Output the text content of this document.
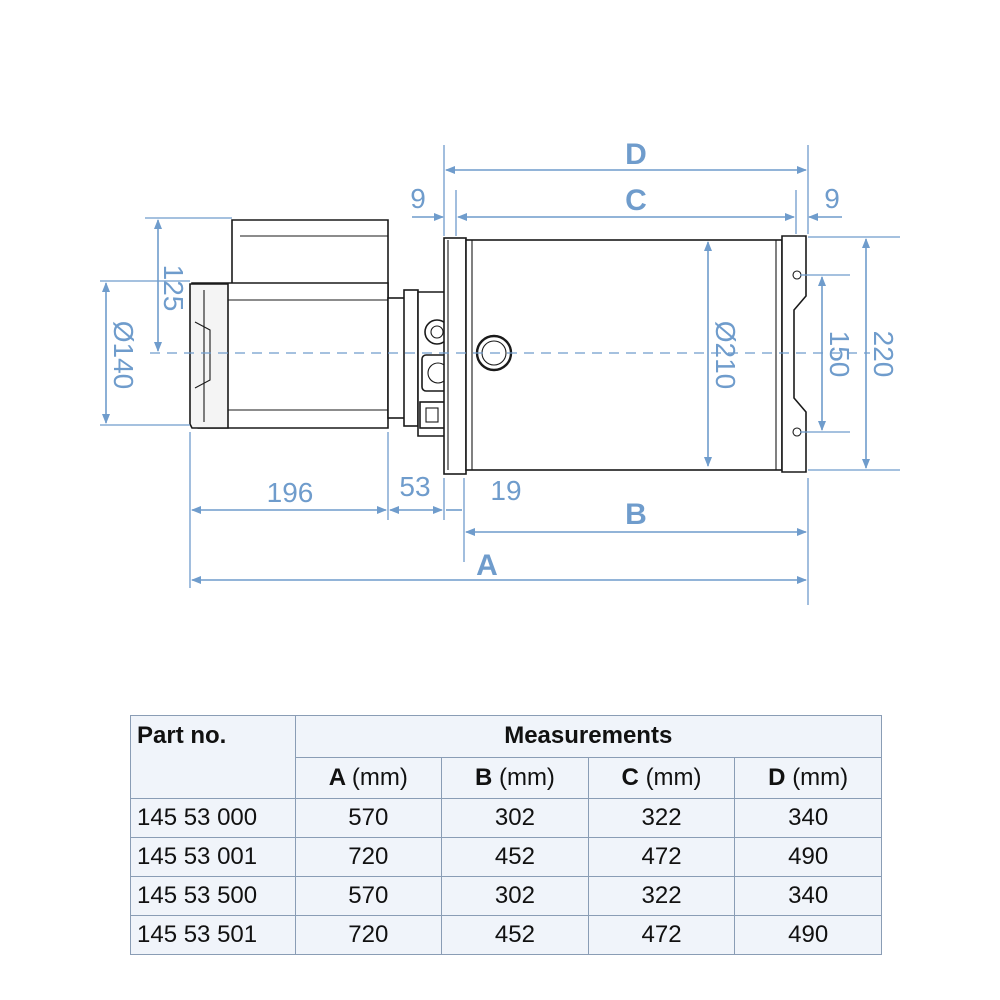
D
C
9	9
125
Ø140	Ø210	150 220
196	53 19
B
A
Part no.	Measurements			
	A (mm)	B (mm)	C (mm)	D (mm)
145 53 000	570	302	322	340
145 53 001	720	452	472	490
145 53 500	570	302	322	340
145 53 501	720	452	472	490
